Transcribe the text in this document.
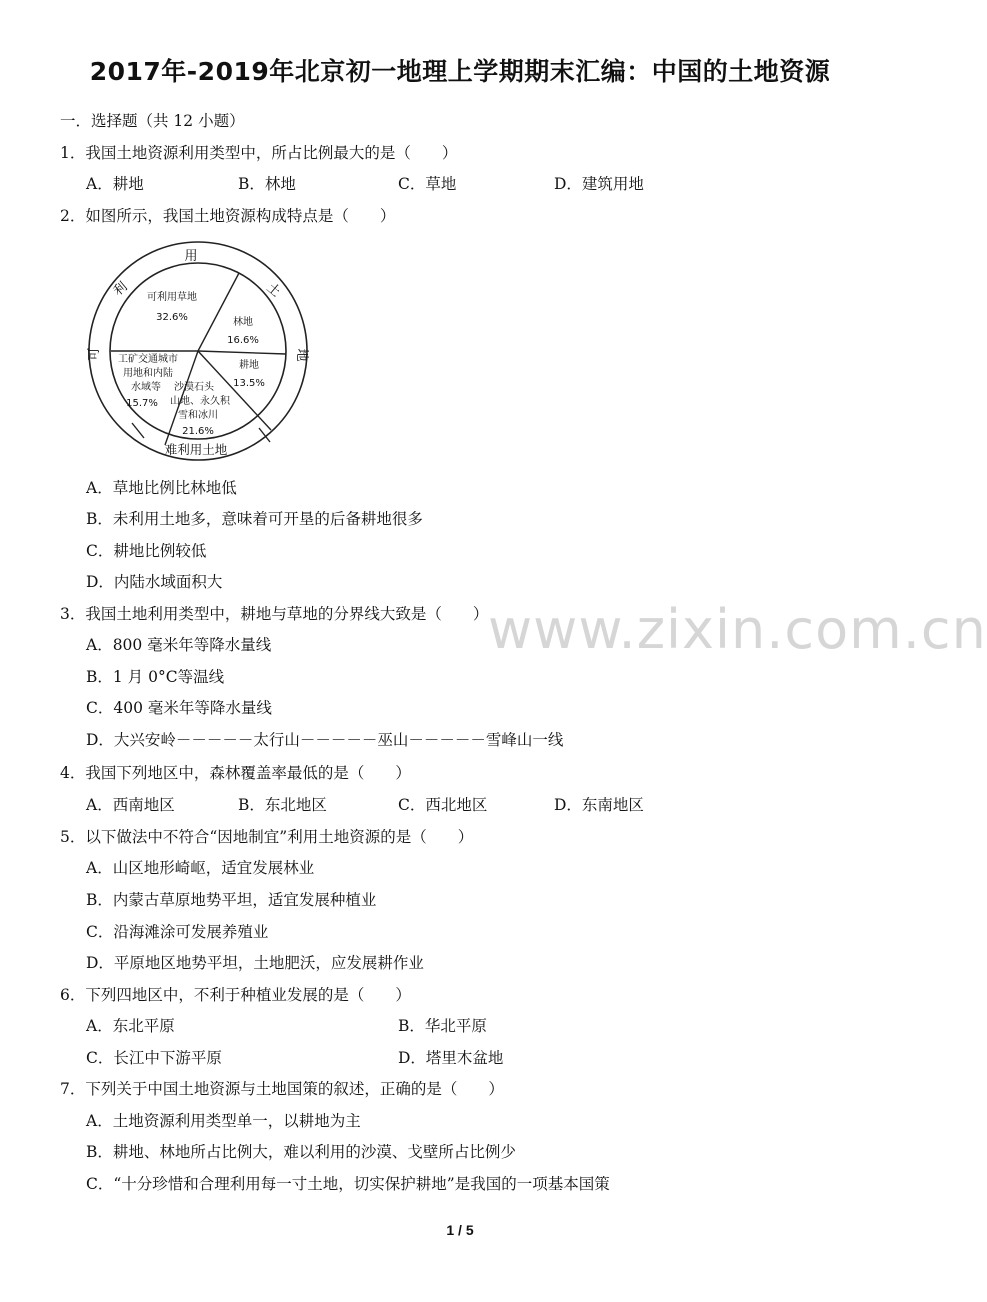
2017年-2019年北京初一地理上学期期末汇编：中国的土地资源
一．选择题（共 12 小题）
1．我国土地资源利用类型中，所占比例最大的是（　　）
A．耕地	B．林地	C．草地	D．建筑用地
2．如图所示，我国土地资源构成特点是（　　）
用
土
地
可
利
难利用土地
可利用草地
32.6%	林地
16.6%
耕地
13.5%
沙漠石头
山地、永久积
雪和冰川
21.6%
工矿交通城市
用地和内陆
水域等
15.7%
A．草地比例比林地低
B．未利用土地多，意味着可开垦的后备耕地很多
C．耕地比例较低
D．内陆水域面积大
3．我国土地利用类型中，耕地与草地的分界线大致是（　　）
A．800 毫米年等降水量线
B．1 月 0°C等温线
C．400 毫米年等降水量线
D．大兴安岭－－－－－太行山－－－－－巫山－－－－－雪峰山一线
4．我国下列地区中，森林覆盖率最低的是（　　）
A．西南地区	B．东北地区	C．西北地区	D．东南地区
5．以下做法中不符合“因地制宜”利用土地资源的是（　　）
A．山区地形崎岖，适宜发展林业
B．内蒙古草原地势平坦，适宜发展种植业
C．沿海滩涂可发展养殖业
D．平原地区地势平坦，土地肥沃，应发展耕作业
6．下列四地区中，不利于种植业发展的是（　　）
A．东北平原	B．华北平原
C．长江中下游平原	D．塔里木盆地
7．下列关于中国土地资源与土地国策的叙述，正确的是（　　）
A．土地资源利用类型单一，以耕地为主
B．耕地、林地所占比例大，难以利用的沙漠、戈壁所占比例少
C．“十分珍惜和合理利用每一寸土地，切实保护耕地”是我国的一项基本国策
www.zixin.com.cn
1 / 5
